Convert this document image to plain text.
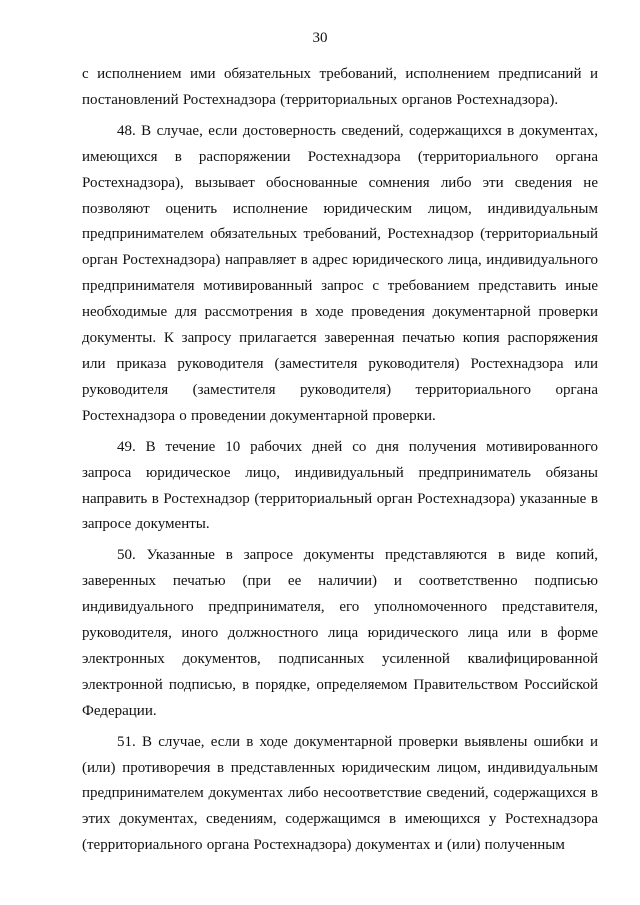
30

с исполнением ими обязательных требований, исполнением предписаний и постановлений Ростехнадзора (территориальных органов Ростехнадзора).

48. В случае, если достоверность сведений, содержащихся в документах, имеющихся в распоряжении Ростехнадзора (территориального органа Ростехнадзора), вызывает обоснованные сомнения либо эти сведения не позволяют оценить исполнение юридическим лицом, индивидуальным предпринимателем обязательных требований, Ростехнадзор (территориальный орган Ростехнадзора) направляет в адрес юридического лица, индивидуального предпринимателя мотивированный запрос с требованием представить иные необходимые для рассмотрения в ходе проведения документарной проверки документы. К запросу прилагается заверенная печатью копия распоряжения или приказа руководителя (заместителя руководителя) Ростехнадзора или руководителя (заместителя руководителя) территориального органа Ростехнадзора о проведении документарной проверки.

49. В течение 10 рабочих дней со дня получения мотивированного запроса юридическое лицо, индивидуальный предприниматель обязаны направить в Ростехнадзор (территориальный орган Ростехнадзора) указанные в запросе документы.

50. Указанные в запросе документы представляются в виде копий, заверенных печатью (при ее наличии) и соответственно подписью индивидуального предпринимателя, его уполномоченного представителя, руководителя, иного должностного лица юридического лица или в форме электронных документов, подписанных усиленной квалифицированной электронной подписью, в порядке, определяемом Правительством Российской Федерации.

51. В случае, если в ходе документарной проверки выявлены ошибки и (или) противоречия в представленных юридическим лицом, индивидуальным предпринимателем документах либо несоответствие сведений, содержащихся в этих документах, сведениям, содержащимся в имеющихся у Ростехнадзора (территориального органа Ростехнадзора) документах и (или) полученным
